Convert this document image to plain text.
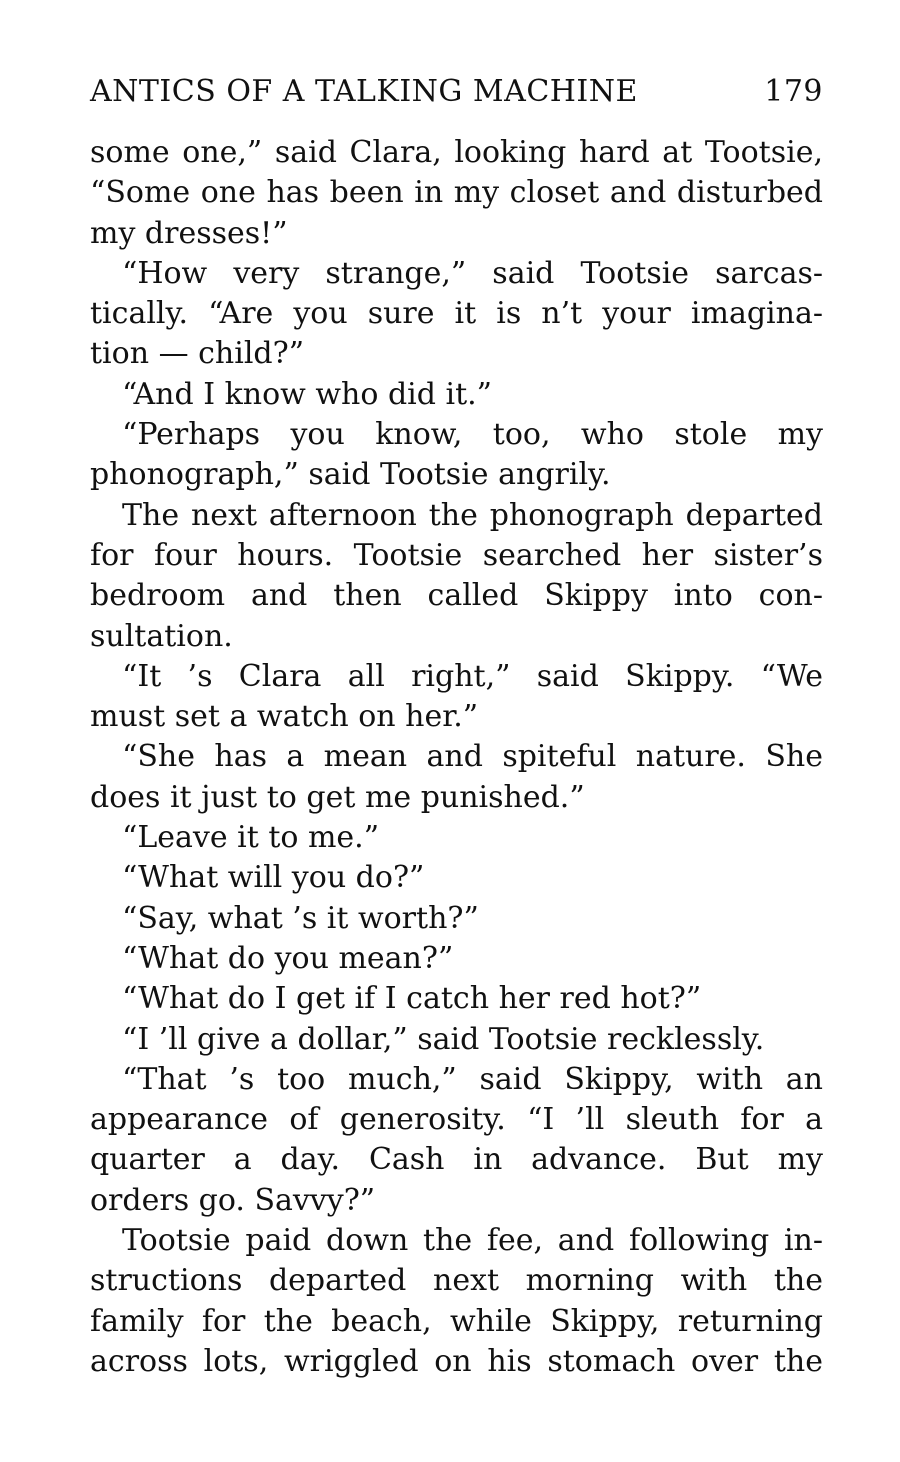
ANTICS OF A TALKING MACHINE	179
some one,” said Clara, looking hard at Tootsie,
“Some one has been in my closet and disturbed
my dresses!”
“How very strange,” said Tootsie sarcas-
tically. “Are you sure it is n’t your imagina-
tion — child?”
“And I know who did it.”
“Perhaps you know, too, who stole my
phonograph,” said Tootsie angrily.
The next afternoon the phonograph departed
for four hours. Tootsie searched her sister’s
bedroom and then called Skippy into con-
sultation.
“It ’s Clara all right,” said Skippy. “We
must set a watch on her.”
“She has a mean and spiteful nature. She
does it just to get me punished.”
“Leave it to me.”
“What will you do?”
“Say, what ’s it worth?”
“What do you mean?”
“What do I get if I catch her red hot?”
“I ’ll give a dollar,” said Tootsie recklessly.
“That ’s too much,” said Skippy, with an
appearance of generosity. “I ’ll sleuth for a
quarter a day. Cash in advance. But my
orders go. Savvy?”
Tootsie paid down the fee, and following in-
structions departed next morning with the
family for the beach, while Skippy, returning
across lots, wriggled on his stomach over the
